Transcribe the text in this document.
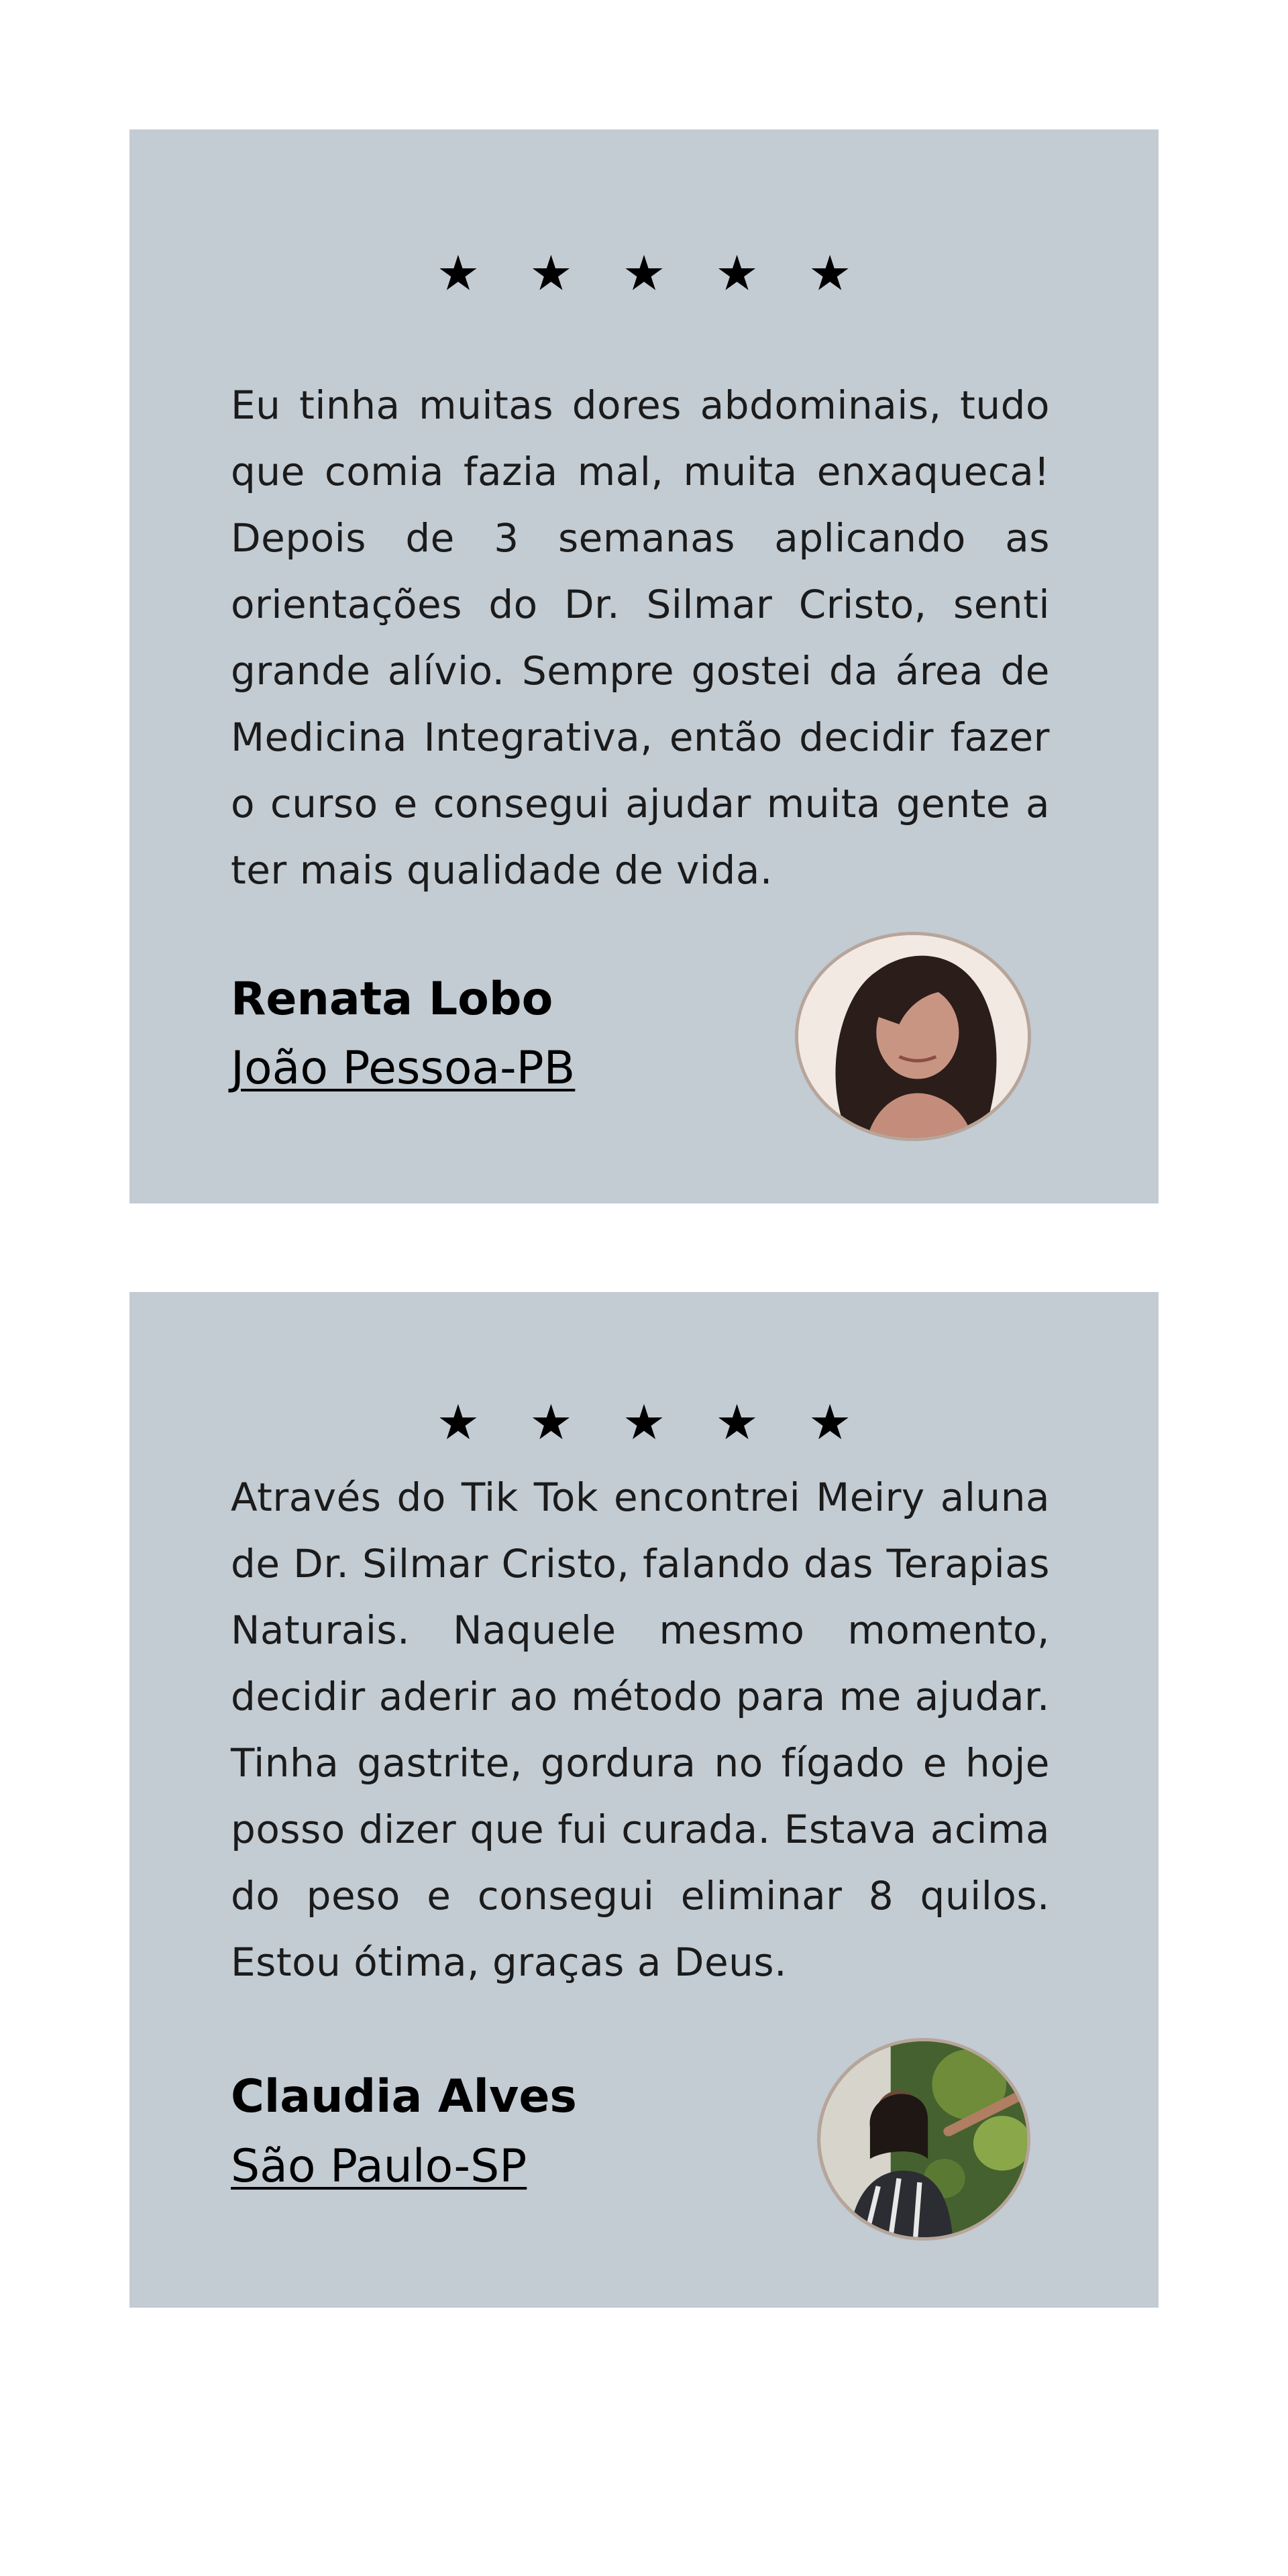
★ ★ ★ ★ ★

Eu tinha muitas dores abdominais, tudo que comia fazia mal, muita enxaqueca! Depois de 3 semanas aplicando as orientações do Dr. Silmar Cristo, senti grande alívio. Sempre gostei da área de Medicina Integrativa, então decidir fazer o curso e consegui ajudar muita gente a ter mais qualidade de vida.

Renata Lobo
João Pessoa-PB
★ ★ ★ ★ ★

Através do Tik Tok encontrei Meiry aluna de Dr. Silmar Cristo, falando das Terapias Naturais. Naquele mesmo momento, decidir aderir ao método para me ajudar. Tinha gastrite, gordura no fígado e hoje posso dizer que fui curada. Estava acima do peso e consegui eliminar 8 quilos. Estou ótima, graças a Deus.

Claudia Alves
São Paulo-SP
